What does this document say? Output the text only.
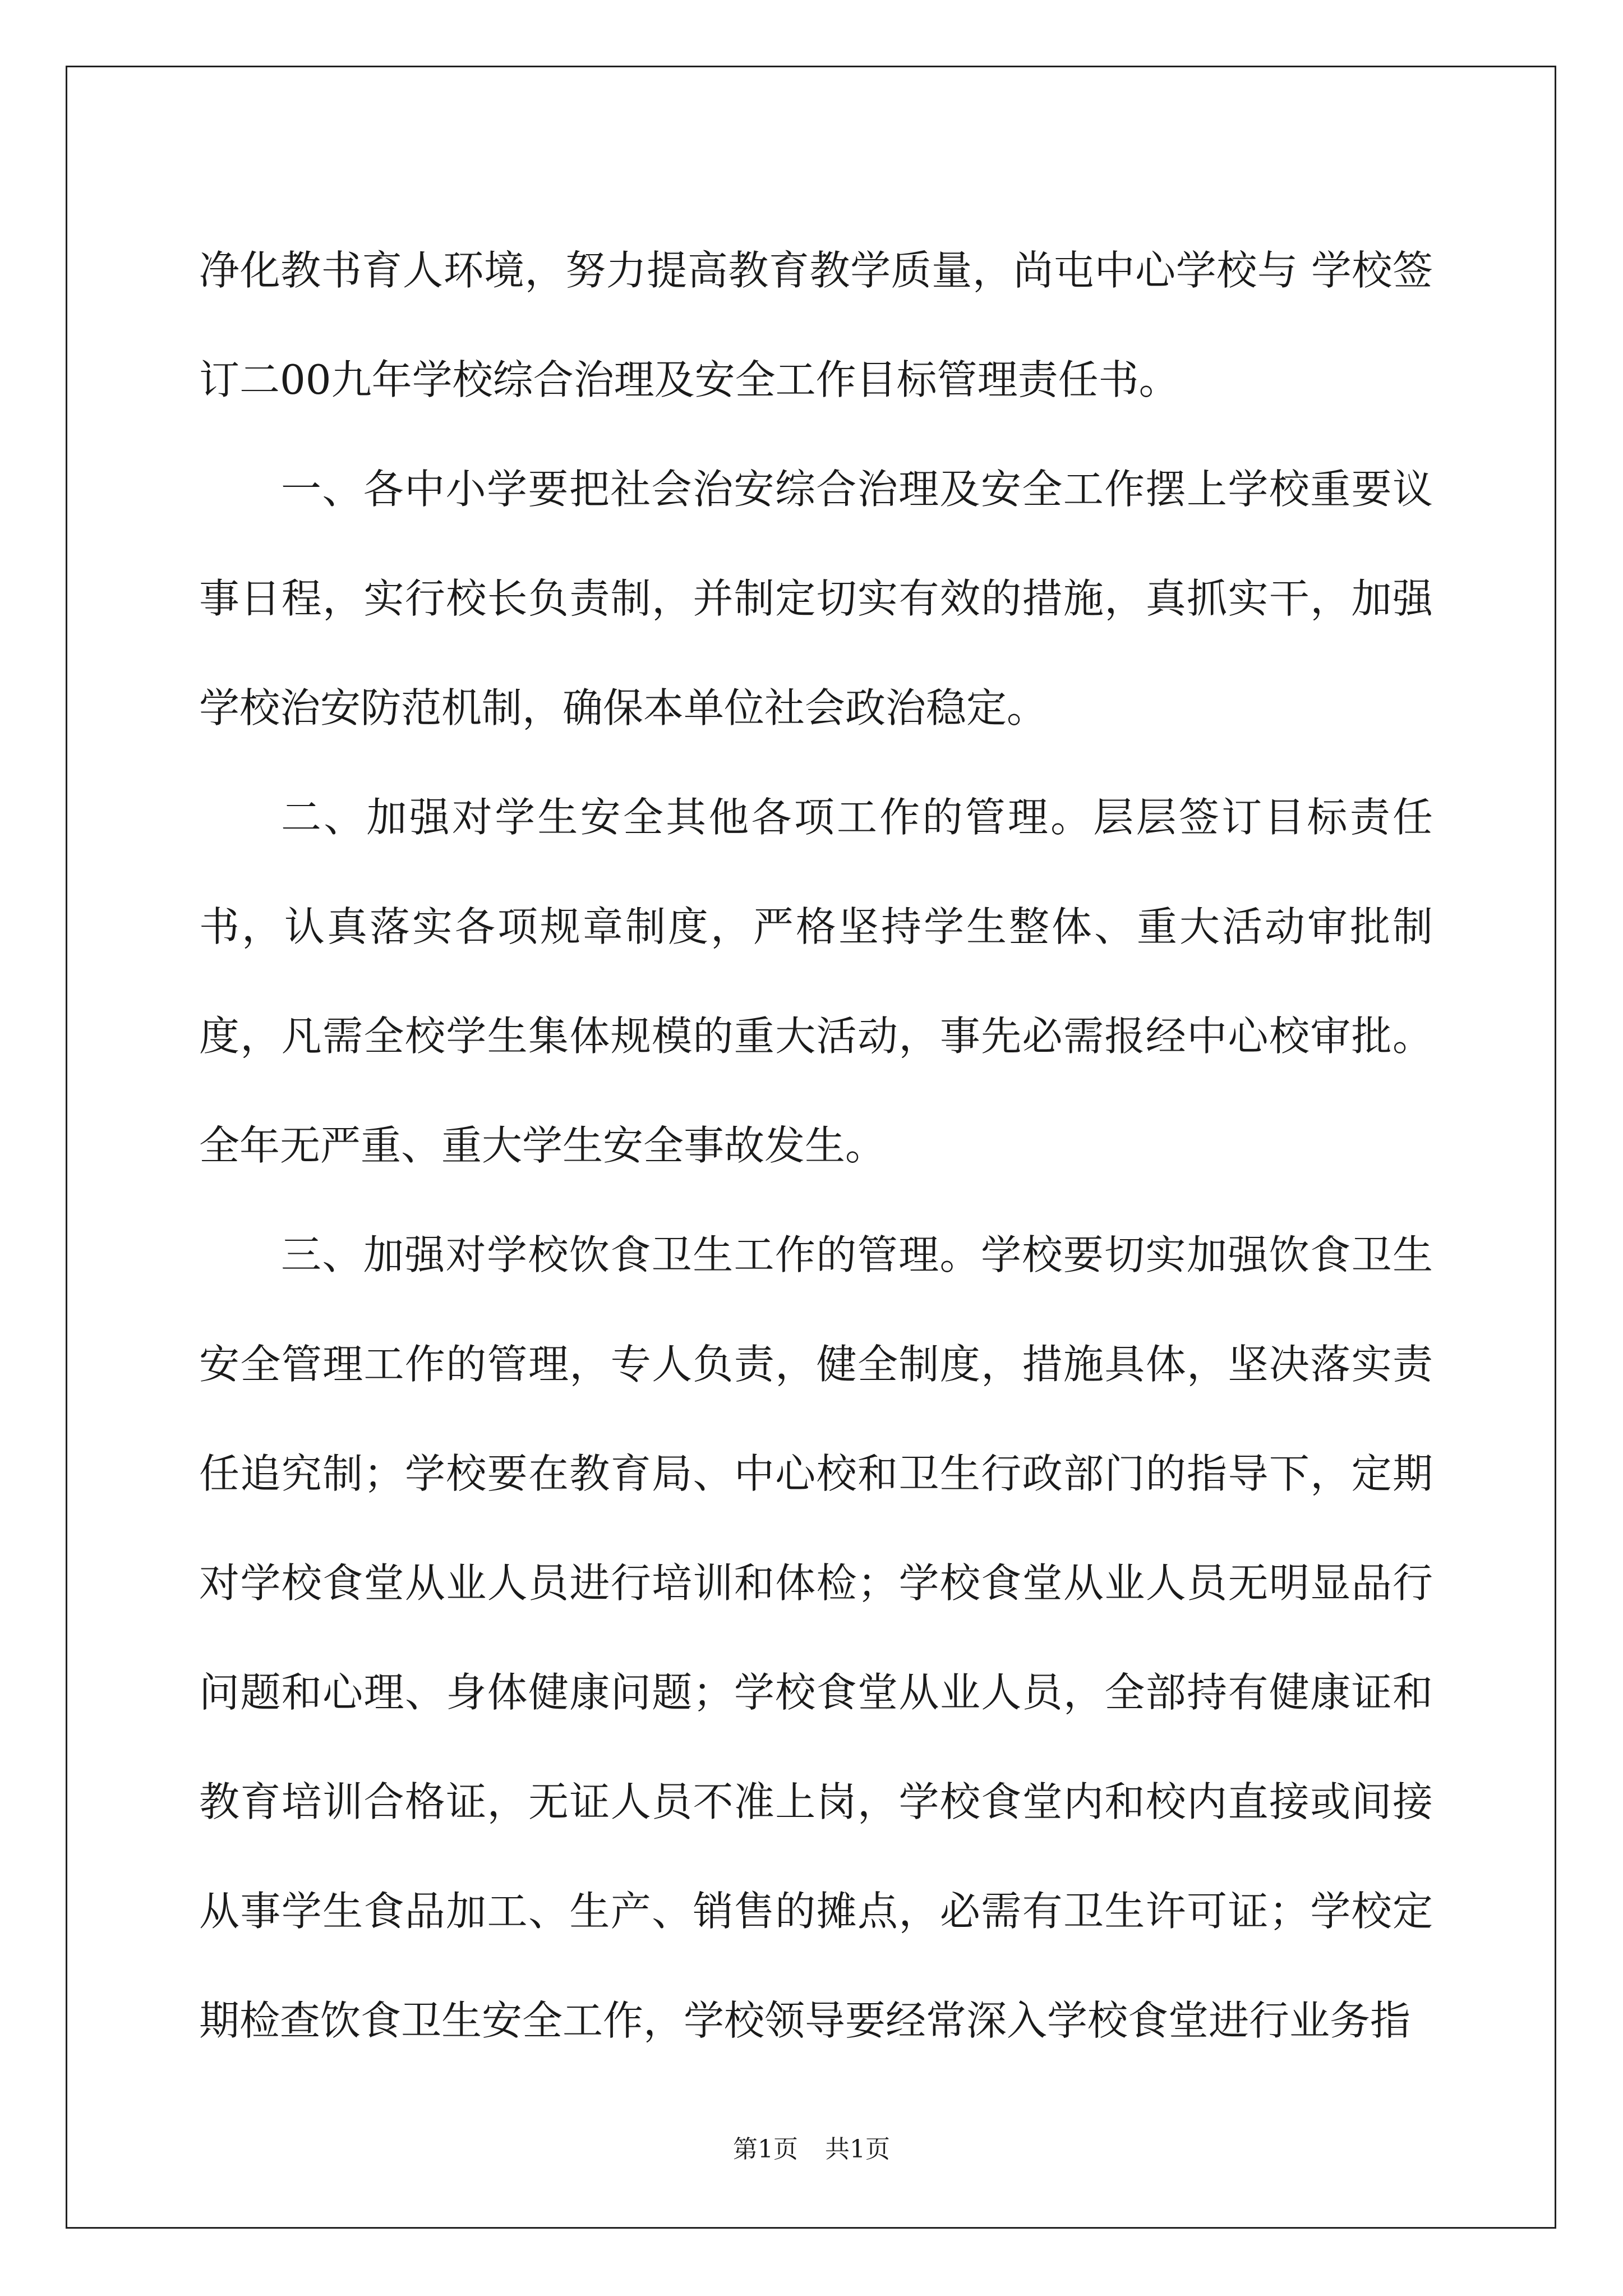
净化教书育人环境，努力提高教育教学质量，尚屯中心学校与 学校签订二00九年学校综合治理及安全工作目标管理责任书。

一、各中小学要把社会治安综合治理及安全工作摆上学校重要议事日程，实行校长负责制，并制定切实有效的措施，真抓实干，加强学校治安防范机制，确保本单位社会政治稳定。

二、加强对学生安全其他各项工作的管理。层层签订目标责任书，认真落实各项规章制度，严格坚持学生整体、重大活动审批制度，凡需全校学生集体规模的重大活动，事先必需报经中心校审批。全年无严重、重大学生安全事故发生。

三、加强对学校饮食卫生工作的管理。学校要切实加强饮食卫生安全管理工作的管理，专人负责，健全制度，措施具体，坚决落实责任追究制；学校要在教育局、中心校和卫生行政部门的指导下，定期对学校食堂从业人员进行培训和体检；学校食堂从业人员无明显品行问题和心理、身体健康问题；学校食堂从业人员，全部持有健康证和教育培训合格证，无证人员不准上岗，学校食堂内和校内直接或间接从事学生食品加工、生产、销售的摊点，必需有卫生许可证；学校定期检查饮食卫生安全工作，学校领导要经常深入学校食堂进行业务指

第1页 共1页
